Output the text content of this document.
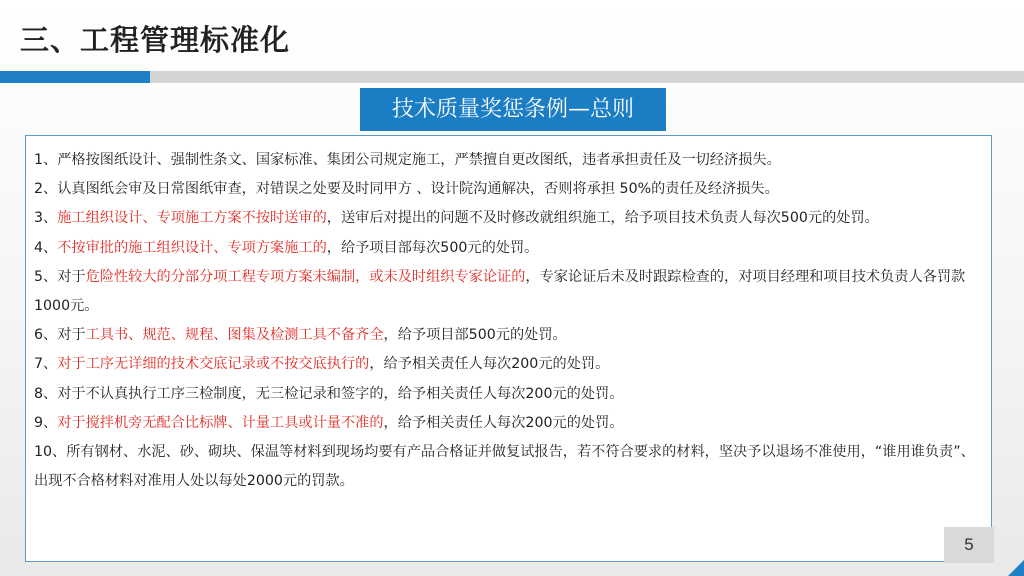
三、工程管理标准化
技术质量奖惩条例—总则

1、严格按图纸设计、强制性条文、国家标准、集团公司规定施工，严禁擅自更改图纸，违者承担责任及一切经济损失。

2、认真图纸会审及日常图纸审查，对错误之处要及时同甲方 、设计院沟通解决，否则将承担 50%的责任及经济损失。

3、施工组织设计、专项施工方案不按时送审的，送审后对提出的问题不及时修改就组织施工，给予项目技术负责人每次500元的处罚。

4、不按审批的施工组织设计、专项方案施工的，给予项目部每次500元的处罚。

5、对于危险性较大的分部分项工程专项方案未编制，或未及时组织专家论证的，专家论证后未及时跟踪检查的，对项目经理和项目技术负责人各罚款1000元。

6、对于工具书、规范、规程、图集及检测工具不备齐全，给予项目部500元的处罚。

7、对于工序无详细的技术交底记录或不按交底执行的，给予相关责任人每次200元的处罚。

8、对于不认真执行工序三检制度，无三检记录和签字的，给予相关责任人每次200元的处罚。

9、对于搅拌机旁无配合比标牌、计量工具或计量不准的，给予相关责任人每次200元的处罚。

10、所有钢材、水泥、砂、砌块、保温等材料到现场均要有产品合格证并做复试报告，若不符合要求的材料，坚决予以退场不准使用，“谁用谁负责”、出现不合格材料对准用人处以每处2000元的罚款。

5
